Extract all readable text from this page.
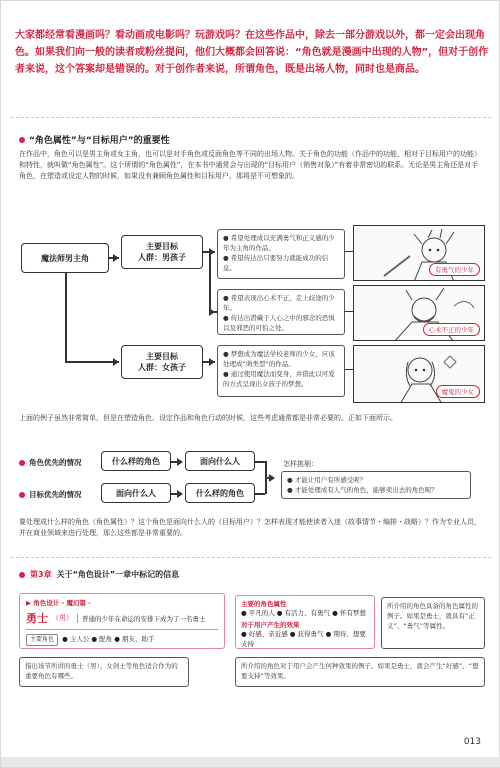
大家都经常看漫画吗？看动画或电影吗？玩游戏吗？在这些作品中，除去一部分游戏以外，都一定会出现角色。如果我们向一般的读者或粉丝提问，他们大概都会回答说：“角色就是漫画中出现的人物”，但对于创作者来说，这个答案却是错误的。对于创作者来说，所谓角色，既是出场人物，同时也是商品。
“角色属性”与“目标用户”的重要性
在作品中，角色可以是男主角或女主角，也可以是对手角色或反面角色等不同的出场人物。关于角色的功能（作品中的功能，相对于目标用户的功能）和特性，就叫做“角色属性”。这个所谓的“角色属性”，在本书中通常会与出现的“目标用户（销售对象）”有着非常密切的联系。无论是男主角还是对手角色，在塑造或设定人物的时候，如果没有兼顾角色属性和目标用户，那将是不可想象的。
魔法师男主角
主要目标
人群：男孩子
主要目标
人群：女孩子
● 希望处理成以充满勇气和正义感的少年为主角的作品。
● 希望传达出只要努力就能成功的信息。
● 希望表现出心术不正、走上歧途的少年。
● 传达出潜藏于人心之中的邪念的恐惧以及邪恶的可怕之处。
● 梦想成为魔法学校老师的少女，应该处理成“萌类型”的作品。
● 通过使用魔法而变身，并借此以可爱的方式呈现出女孩子的梦想。
有勇气的少年
心术不正的少年
魔鬼的少女
上面的例子虽然非常简单，但是在塑造角色、设定作品和角色行动的时候，这些考虑通常都是非常必要的。正如下面所示。
角色优先的情况	什么样的角色	面向什么人
目标优先的情况	面向什么人	什么样的角色
怎样挑剔：
● 才能让用户有所感受呢？
● 才能处理成有人气的角色，能够卖出去的角色呢？
要处理成什么样的角色（角色属性）？这个角色是面向什么人的（目标用户）？怎样表现才能使读者入迷（故事情节・编排・战略）？作为专业人员，并在商业领域来进行处理，那么这些都是非常重要的。
第3章 关于“角色设计”一章中标记的信息
▶ 角色设计 - 魔幻篇 -
勇士 （男）	普通的少年在命运的安排下成为了一名勇士
主要角色 ● 主人公 ● 配角 ● 朋友、助手
主要的角色属性
● 平凡的人 ● 有活力、有勇气 ● 怀有梦想
对于用户产生的效果
● 好感、亲近感 ● 获得勇气 ● 期待、想要支持
所介绍的角色具备的角色属性的例子。如果是勇士，就具有“正义”、“勇气”等属性。
指出该节所讲的勇士（男）、女剑士等角色适合作为的重要角色有哪些。
所介绍的角色对于用户会产生何种效果的例子。如果是勇士，就会产生“好感”、“想要支持”等效果。
013
